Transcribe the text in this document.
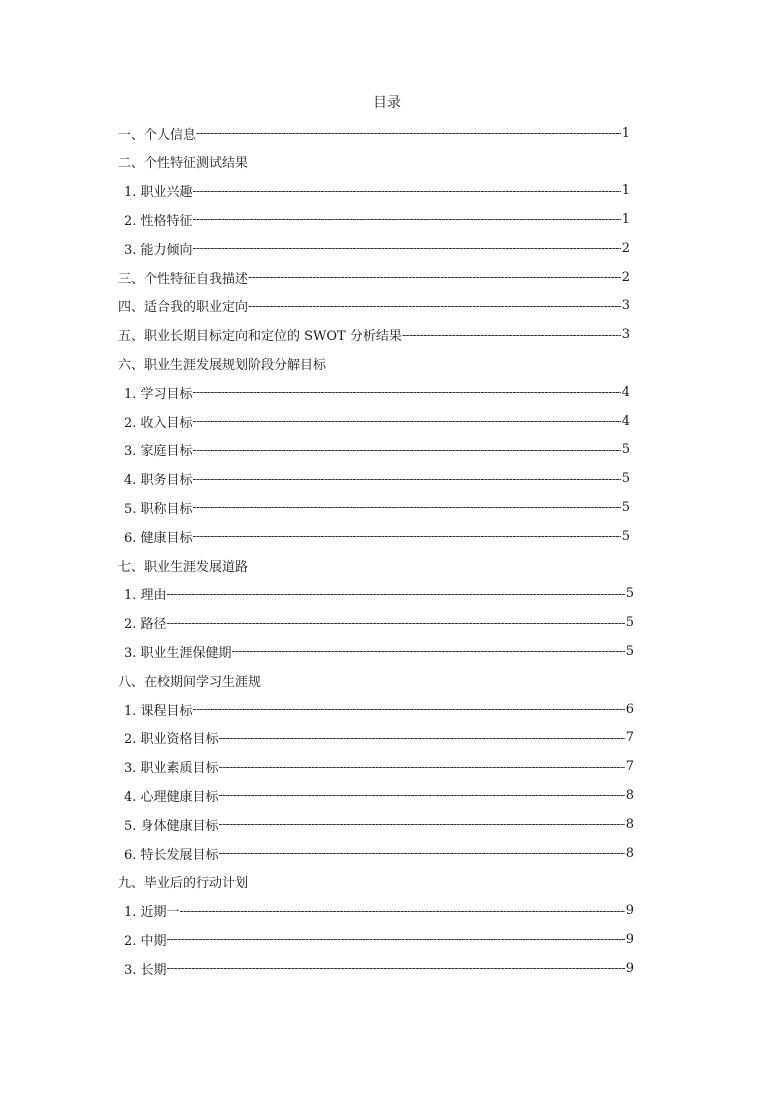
目录
一、个人信息 -----	1
二、个性特征测试结果
1. 职业兴趣 -----	1
2. 性格特征 -----	1
3. 能力倾向 -----	2
三、个性特征自我描述 -----	2
四、适合我的职业定向 -----	3
五、职业长期目标定向和定位的 SWOT 分析结果 -----	3
六、职业生涯发展规划阶段分解目标
1. 学习目标 -----	4
2. 收入目标 -----	4
3. 家庭目标 -----	5
4. 职务目标 -----	5
5. 职称目标 -----	5
6. 健康目标 -----	5
七、职业生涯发展道路
1. 理由 -----	5
2. 路径 -----	5
3. 职业生涯保健期 -----	5
八、在校期间学习生涯规
1. 课程目标 -----	6
2. 职业资格目标 -----	7
3. 职业素质目标 -----	7
4. 心理健康目标 -----	8
5. 身体健康目标 -----	8
6. 特长发展目标 -----	8
九、毕业后的行动计划
1. 近期一 -----	9
2. 中期 -----	9
3. 长期 -----	9
